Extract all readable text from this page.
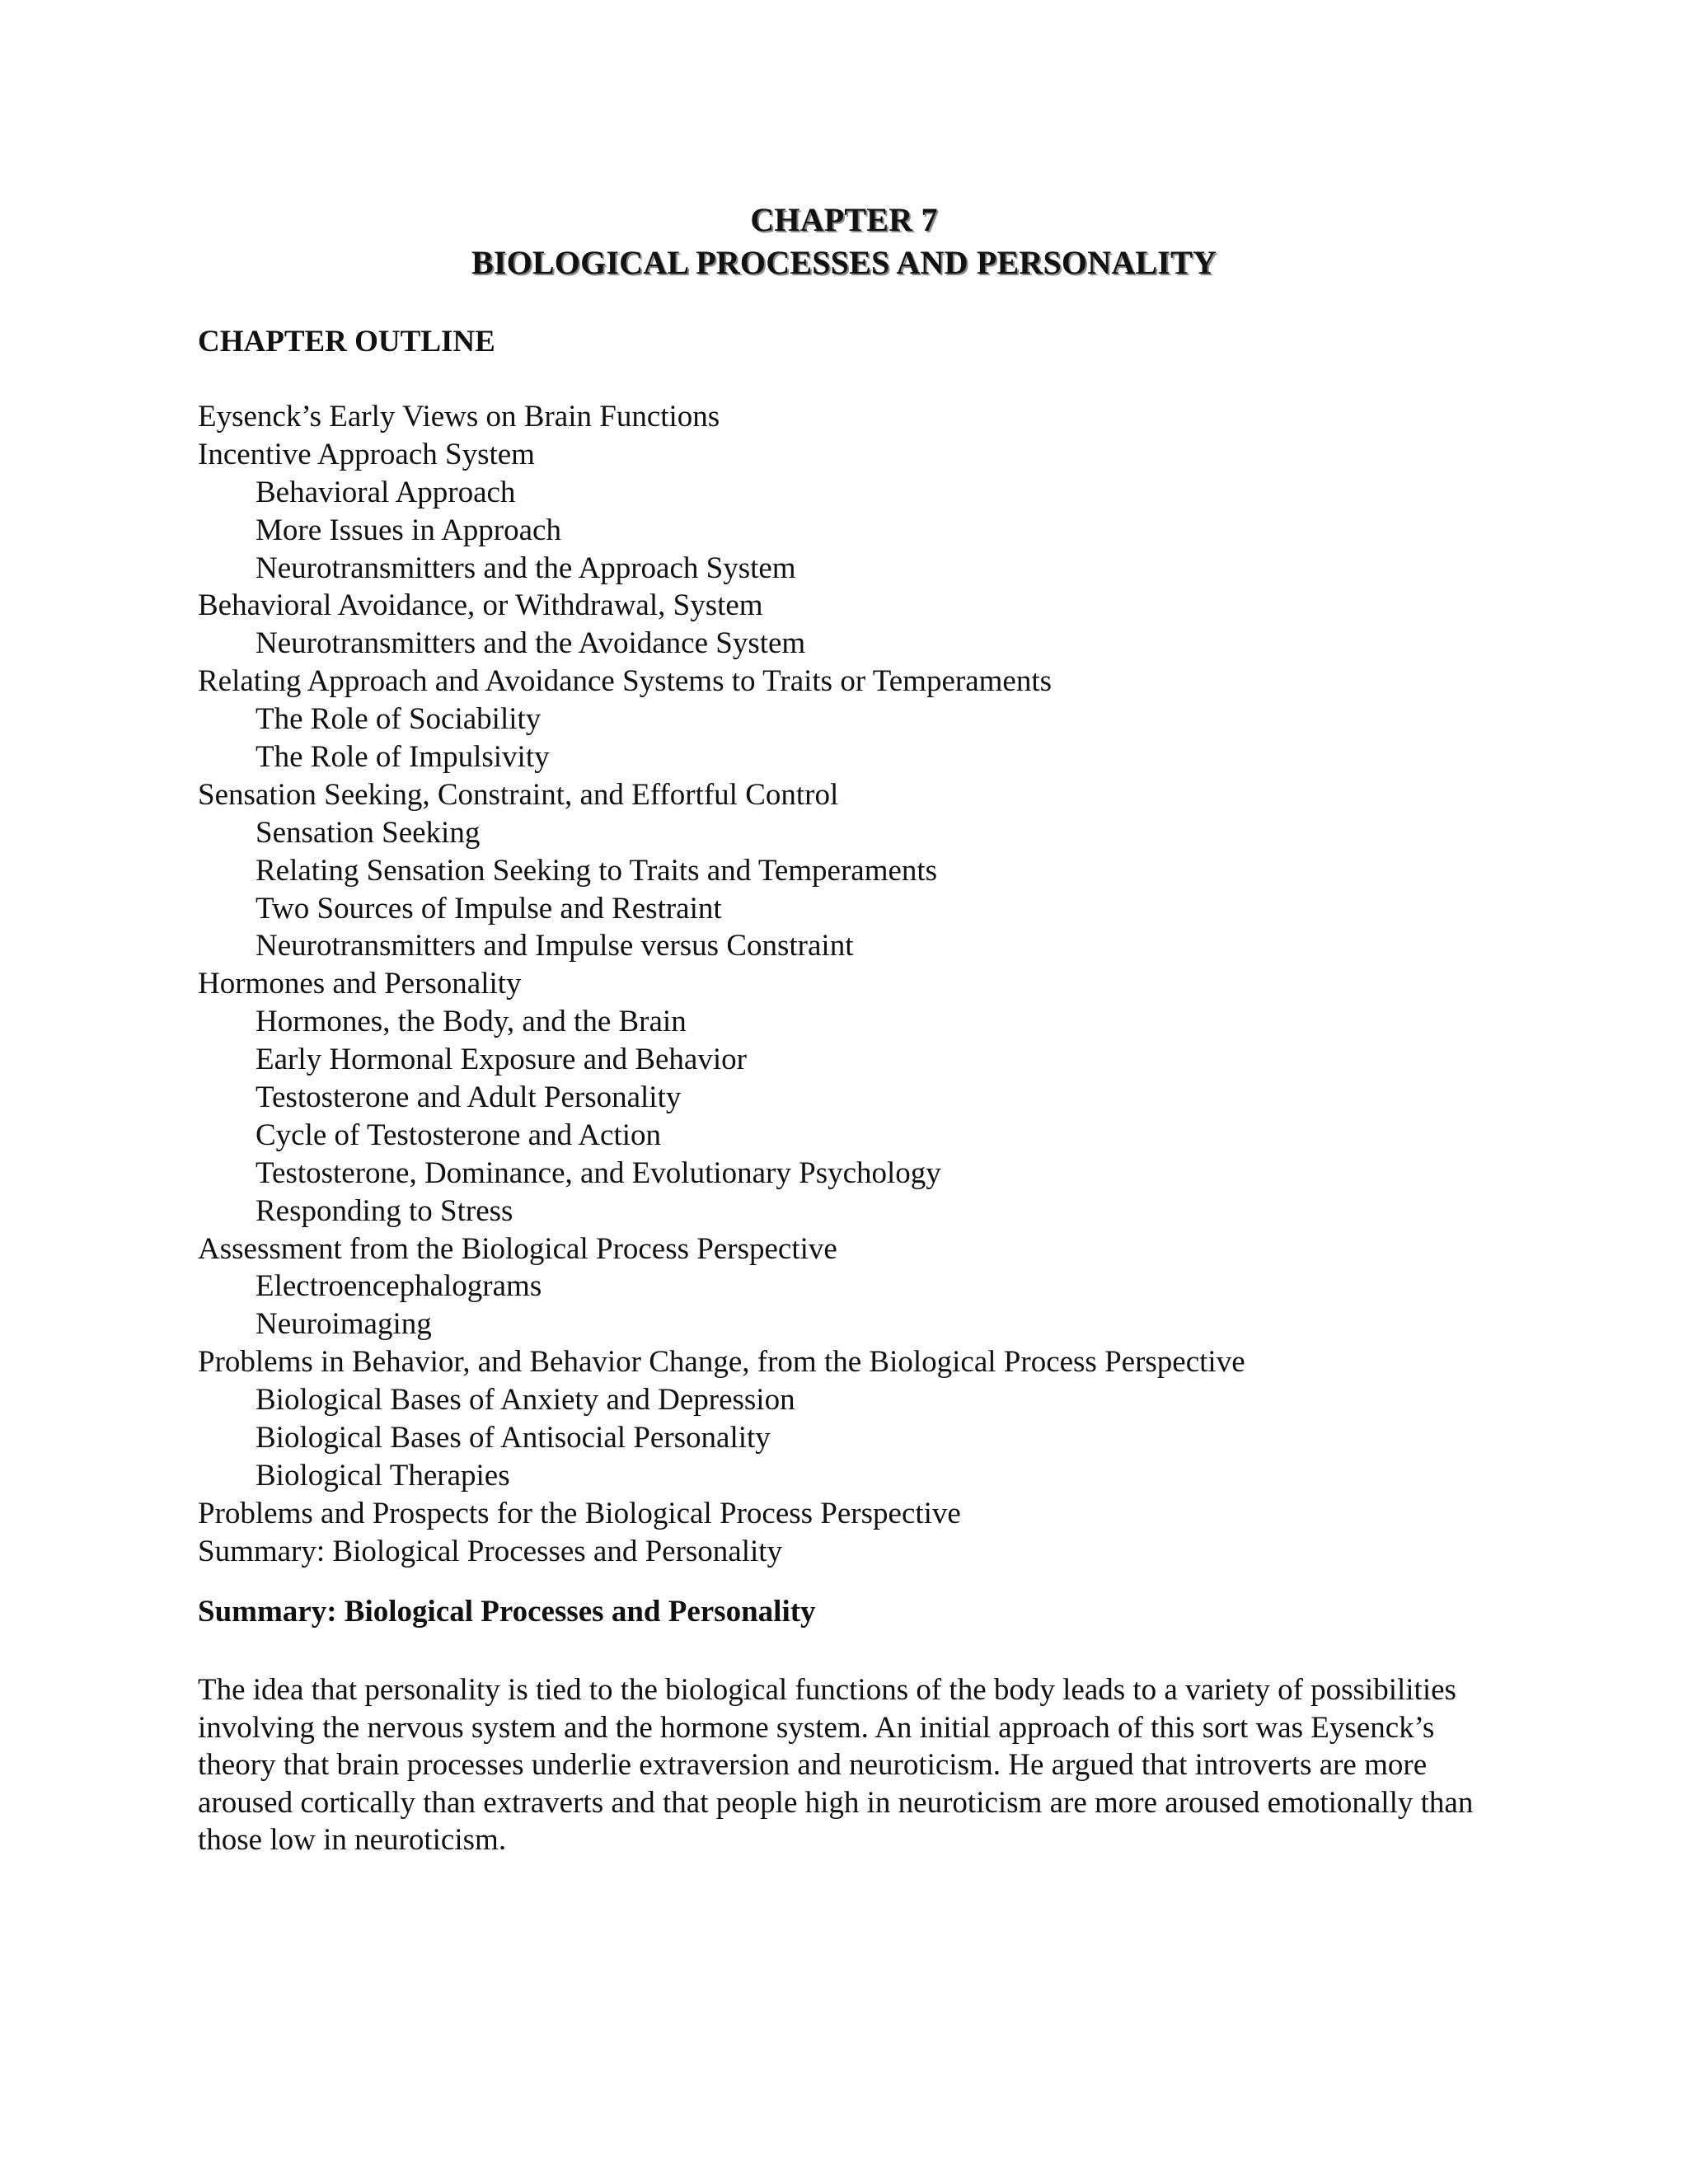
CHAPTER 7
BIOLOGICAL PROCESSES AND PERSONALITY
CHAPTER OUTLINE
Eysenck’s Early Views on Brain Functions
Incentive Approach System
Behavioral Approach
More Issues in Approach
Neurotransmitters and the Approach System
Behavioral Avoidance, or Withdrawal, System
Neurotransmitters and the Avoidance System
Relating Approach and Avoidance Systems to Traits or Temperaments
The Role of Sociability
The Role of Impulsivity
Sensation Seeking, Constraint, and Effortful Control
Sensation Seeking
Relating Sensation Seeking to Traits and Temperaments
Two Sources of Impulse and Restraint
Neurotransmitters and Impulse versus Constraint
Hormones and Personality
Hormones, the Body, and the Brain
Early Hormonal Exposure and Behavior
Testosterone and Adult Personality
Cycle of Testosterone and Action
Testosterone, Dominance, and Evolutionary Psychology
Responding to Stress
Assessment from the Biological Process Perspective
Electroencephalograms
Neuroimaging
Problems in Behavior, and Behavior Change, from the Biological Process Perspective
Biological Bases of Anxiety and Depression
Biological Bases of Antisocial Personality
Biological Therapies
Problems and Prospects for the Biological Process Perspective
Summary: Biological Processes and Personality
Summary: Biological Processes and Personality

The idea that personality is tied to the biological functions of the body leads to a variety of possibilities involving the nervous system and the hormone system. An initial approach of this sort was Eysenck’s theory that brain processes underlie extraversion and neuroticism. He argued that introverts are more aroused cortically than extraverts and that people high in neuroticism are more aroused emotionally than those low in neuroticism.
